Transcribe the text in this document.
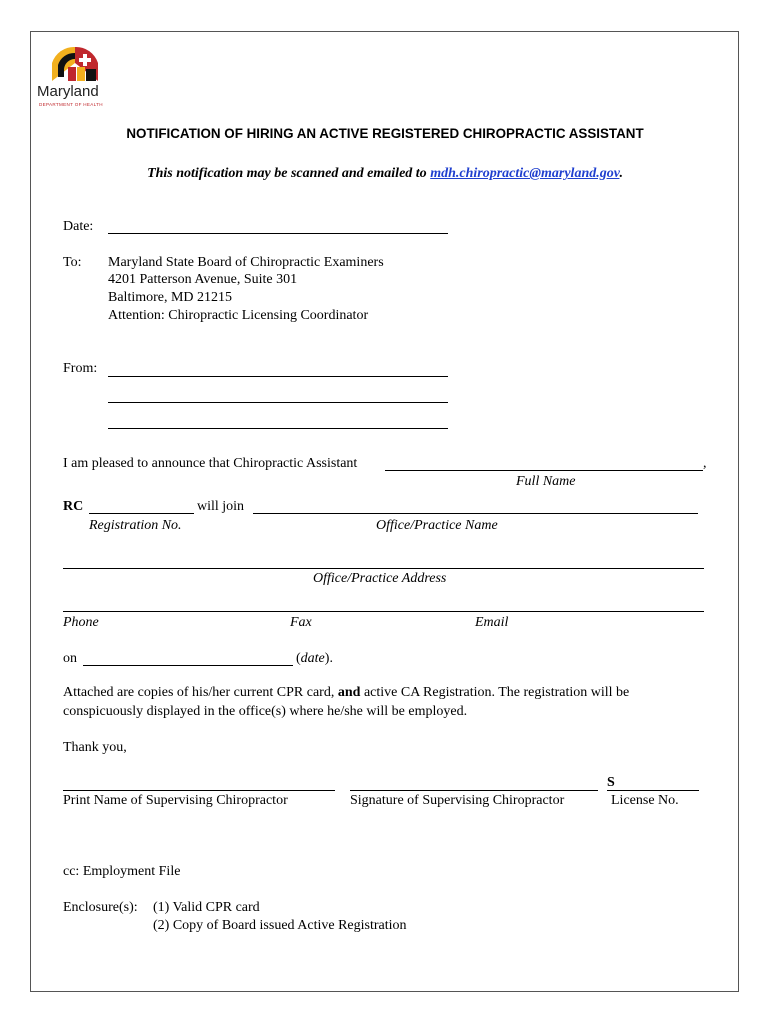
Maryland
DEPARTMENT OF HEALTH
NOTIFICATION OF HIRING AN ACTIVE REGISTERED CHIROPRACTIC ASSISTANT
This notification may be scanned and emailed to mdh.chiropractic@maryland.gov.
Date:
To: Maryland State Board of Chiropractic Examiners
4201 Patterson Avenue, Suite 301
Baltimore, MD 21215
Attention: Chiropractic Licensing Coordinator
From:
I am pleased to announce that Chiropractic Assistant	,
Full Name
RC	will join
Registration No.	Office/Practice Name
Office/Practice Address
Phone	Fax	Email
on	(date).
Attached are copies of his/her current CPR card, and active CA Registration. The registration will be
conspicuously displayed in the office(s) where he/she will be employed.
Thank you,
S
Print Name of Supervising Chiropractor	Signature of Supervising Chiropractor	License No.
cc: Employment File
Enclosure(s): (1) Valid CPR card
(2) Copy of Board issued Active Registration
